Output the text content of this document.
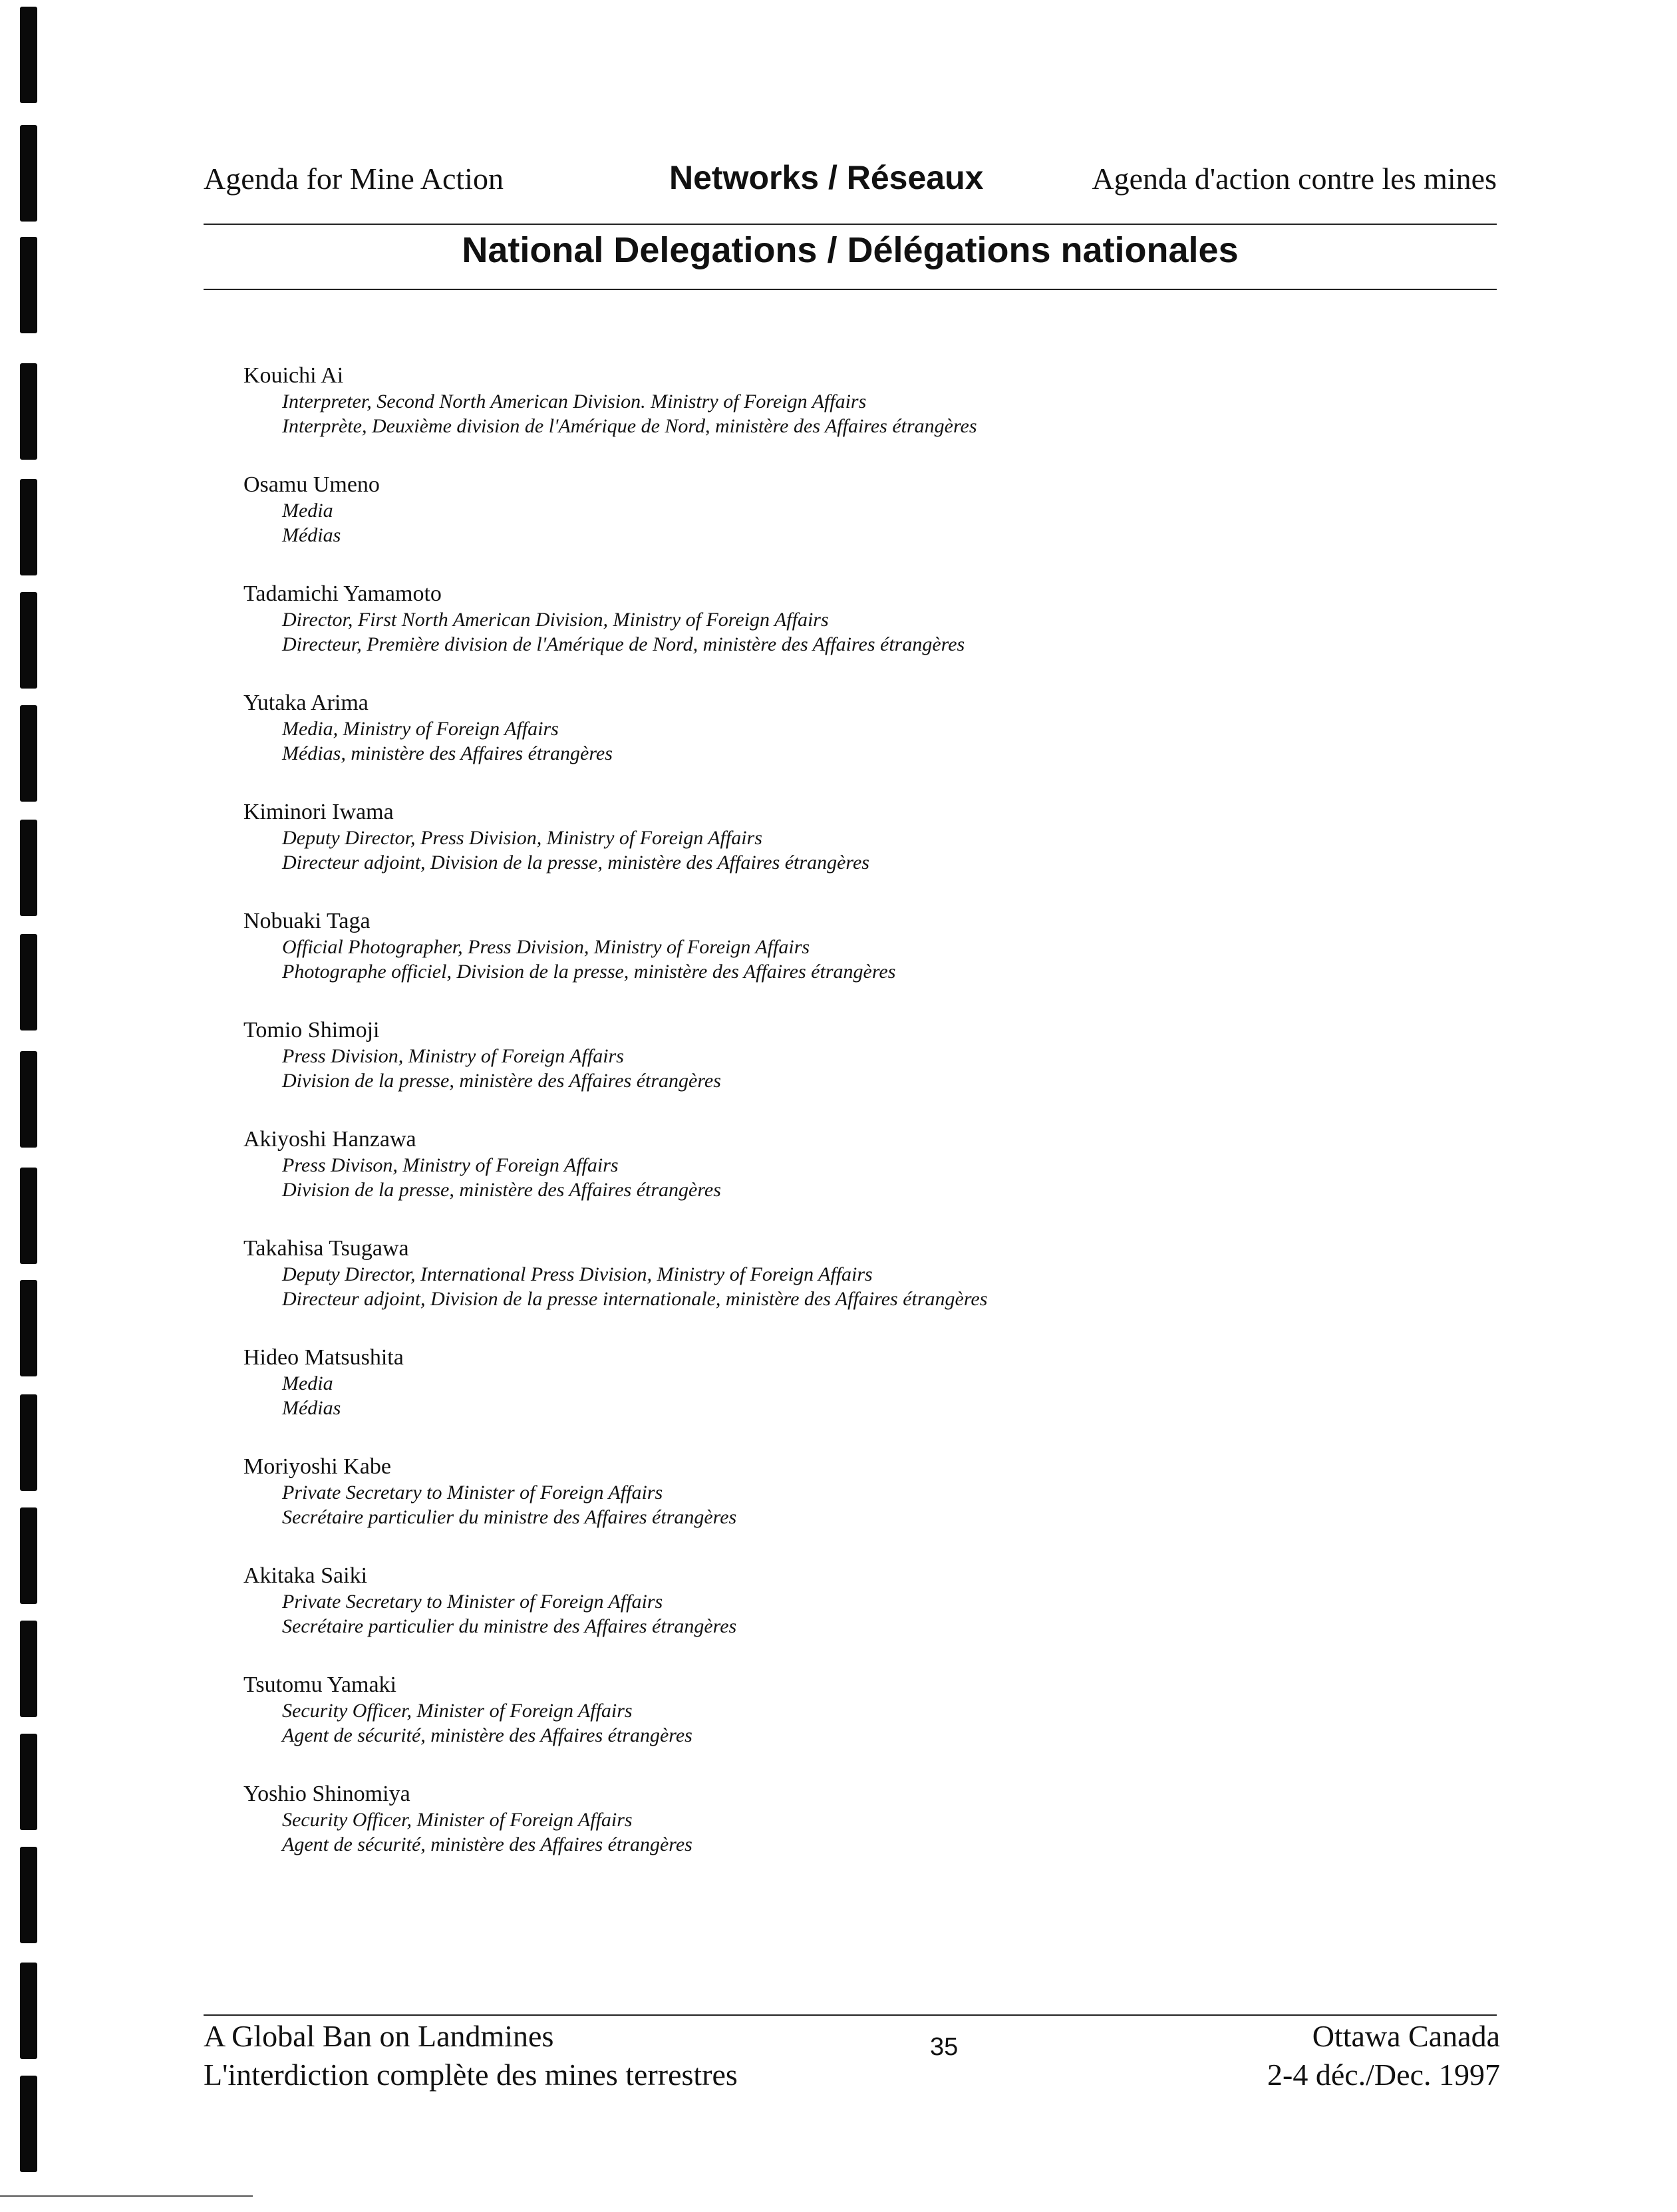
Agenda for Mine Action	Networks / Réseaux	Agenda d'action contre les mines
National Delegations / Délégations nationales
Kouichi Ai
Interpreter, Second North American Division. Ministry of Foreign Affairs
Interprète, Deuxième division de l'Amérique de Nord, ministère des Affaires étrangères
Osamu Umeno
Media
Médias
Tadamichi Yamamoto
Director, First North American Division, Ministry of Foreign Affairs
Directeur, Première division de l'Amérique de Nord, ministère des Affaires étrangères
Yutaka Arima
Media, Ministry of Foreign Affairs
Médias, ministère des Affaires étrangères
Kiminori Iwama
Deputy Director, Press Division, Ministry of Foreign Affairs
Directeur adjoint, Division de la presse, ministère des Affaires étrangères
Nobuaki Taga
Official Photographer, Press Division, Ministry of Foreign Affairs
Photographe officiel, Division de la presse, ministère des Affaires étrangères
Tomio Shimoji
Press Division, Ministry of Foreign Affairs
Division de la presse, ministère des Affaires étrangères
Akiyoshi Hanzawa
Press Divison, Ministry of Foreign Affairs
Division de la presse, ministère des Affaires étrangères
Takahisa Tsugawa
Deputy Director, International Press Division, Ministry of Foreign Affairs
Directeur adjoint, Division de la presse internationale, ministère des Affaires étrangères
Hideo Matsushita
Media
Médias
Moriyoshi Kabe
Private Secretary to Minister of Foreign Affairs
Secrétaire particulier du ministre des Affaires étrangères
Akitaka Saiki
Private Secretary to Minister of Foreign Affairs
Secrétaire particulier du ministre des Affaires étrangères
Tsutomu Yamaki
Security Officer, Minister of Foreign Affairs
Agent de sécurité, ministère des Affaires étrangères
Yoshio Shinomiya
Security Officer, Minister of Foreign Affairs
Agent de sécurité, ministère des Affaires étrangères
A Global Ban on Landmines
L'interdiction complète des mines terrestres
35	Ottawa Canada
2-4 déc./Dec. 1997
